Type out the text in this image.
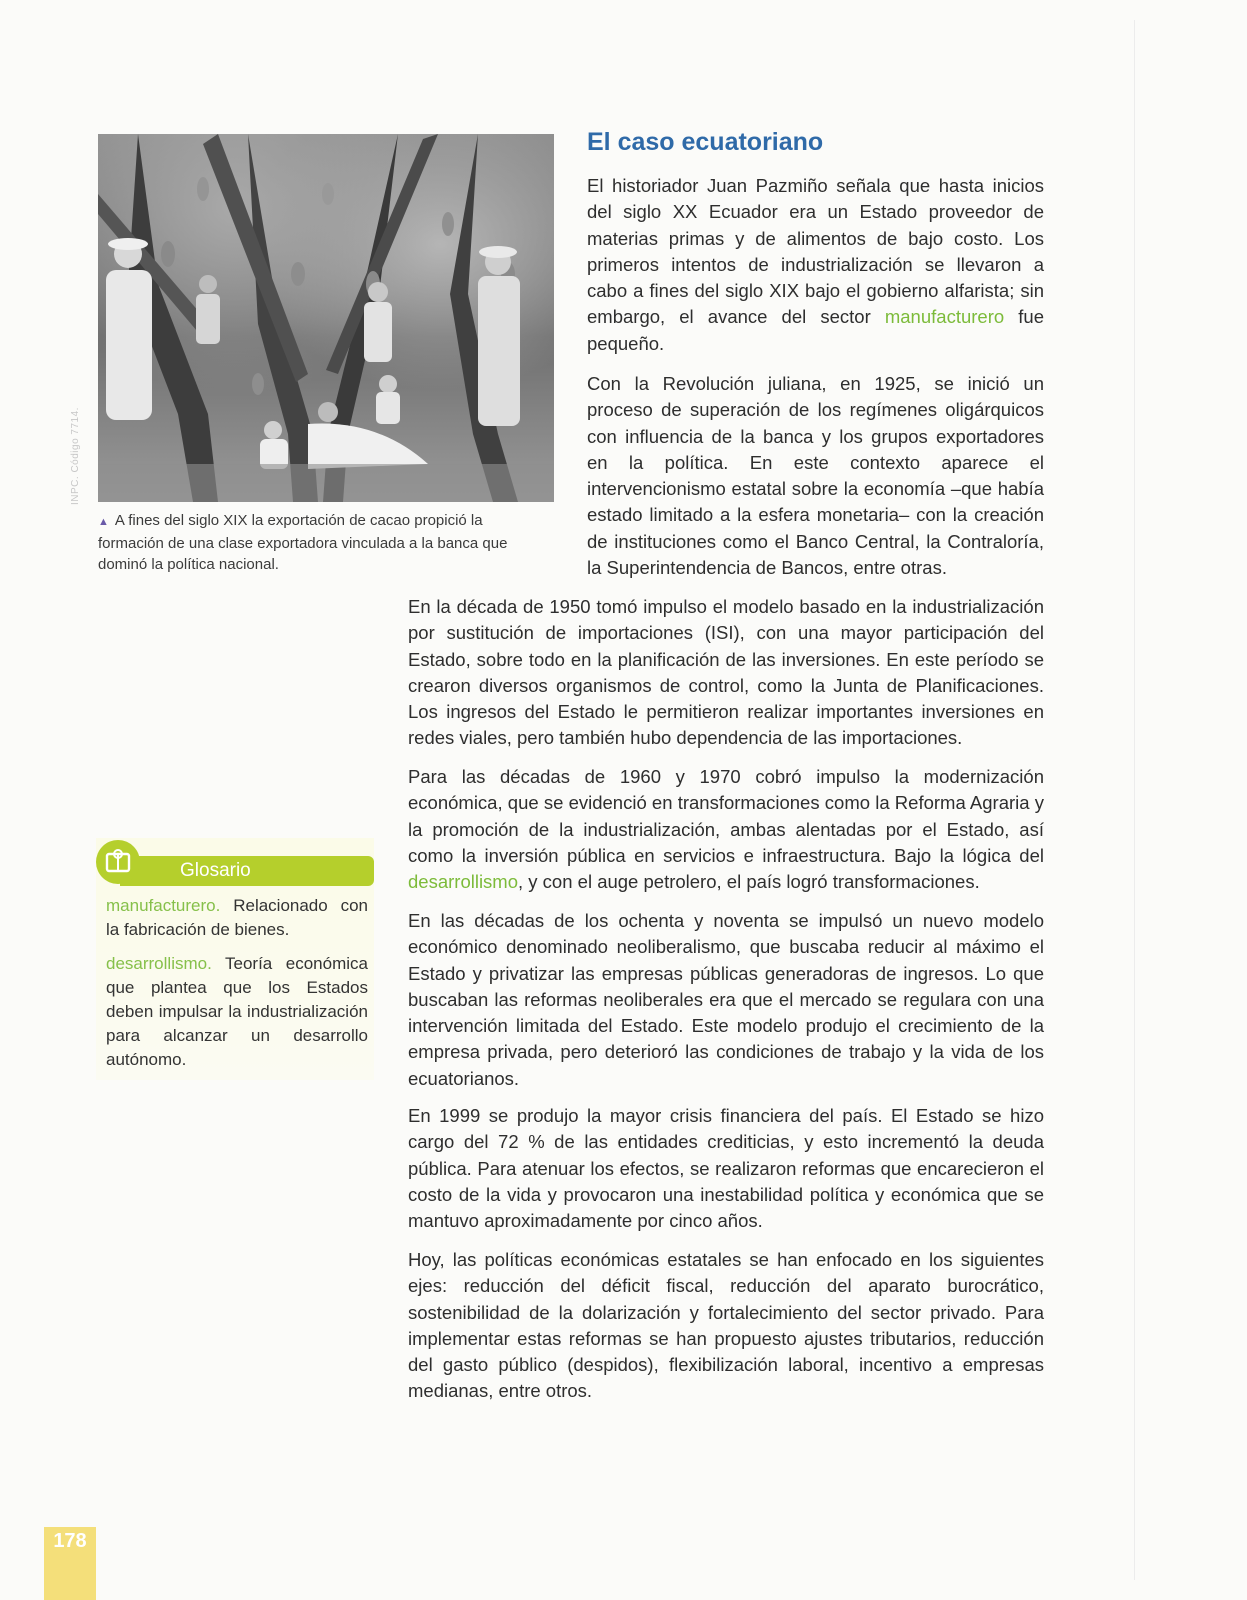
INPC. Código 7714.

▲ A fines del siglo XIX la exportación de cacao propició la formación de una clase exportadora vinculada a la banca que dominó la política nacional.

El caso ecuatoriano

El historiador Juan Pazmiño señala que hasta inicios del siglo XX Ecuador era un Estado proveedor de materias primas y de alimentos de bajo costo. Los primeros intentos de industrialización se llevaron a cabo a fines del siglo XIX bajo el gobierno alfarista; sin embargo, el avance del sector manufacturero fue pequeño.

Con la Revolución juliana, en 1925, se inició un proceso de superación de los regímenes oligárquicos con influencia de la banca y los grupos exportadores en la política. En este contexto aparece el intervencionismo estatal sobre la economía –que había estado limitado a la esfera monetaria– con la creación de instituciones como el Banco Central, la Contraloría, la Superintendencia de Bancos, entre otras.

En la década de 1950 tomó impulso el modelo basado en la industrialización por sustitución de importaciones (ISI), con una mayor participación del Estado, sobre todo en la planificación de las inversiones. En este período se crearon diversos organismos de control, como la Junta de Planificaciones. Los ingresos del Estado le permitieron realizar importantes inversiones en redes viales, pero también hubo dependencia de las importaciones.

Para las décadas de 1960 y 1970 cobró impulso la modernización económica, que se evidenció en transformaciones como la Reforma Agraria y la promoción de la industrialización, ambas alentadas por el Estado, así como la inversión pública en servicios e infraestructura. Bajo la lógica del desarrollismo, y con el auge petrolero, el país logró transformaciones.

En las décadas de los ochenta y noventa se impulsó un nuevo modelo económico denominado neoliberalismo, que buscaba reducir al máximo el Estado y privatizar las empresas públicas generadoras de ingresos. Lo que buscaban las reformas neoliberales era que el mercado se regulara con una intervención limitada del Estado. Este modelo produjo el crecimiento de la empresa privada, pero deterioró las condiciones de trabajo y la vida de los ecuatorianos.

En 1999 se produjo la mayor crisis financiera del país. El Estado se hizo cargo del 72 % de las entidades crediticias, y esto incrementó la deuda pública. Para atenuar los efectos, se realizaron reformas que encarecieron el costo de la vida y provocaron una inestabilidad política y económica que se mantuvo aproximadamente por cinco años.

Hoy, las políticas económicas estatales se han enfocado en los siguientes ejes: reducción del déficit fiscal, reducción del aparato burocrático, sostenibilidad de la dolarización y fortalecimiento del sector privado. Para implementar estas reformas se han propuesto ajustes tributarios, reducción del gasto público (despidos), flexibilización laboral, incentivo a empresas medianas, entre otros.

Glosario

manufacturero. Relacionado con la fabricación de bienes.

desarrollismo. Teoría económica que plantea que los Estados deben impulsar la industrialización para alcanzar un desarrollo autónomo.

178
